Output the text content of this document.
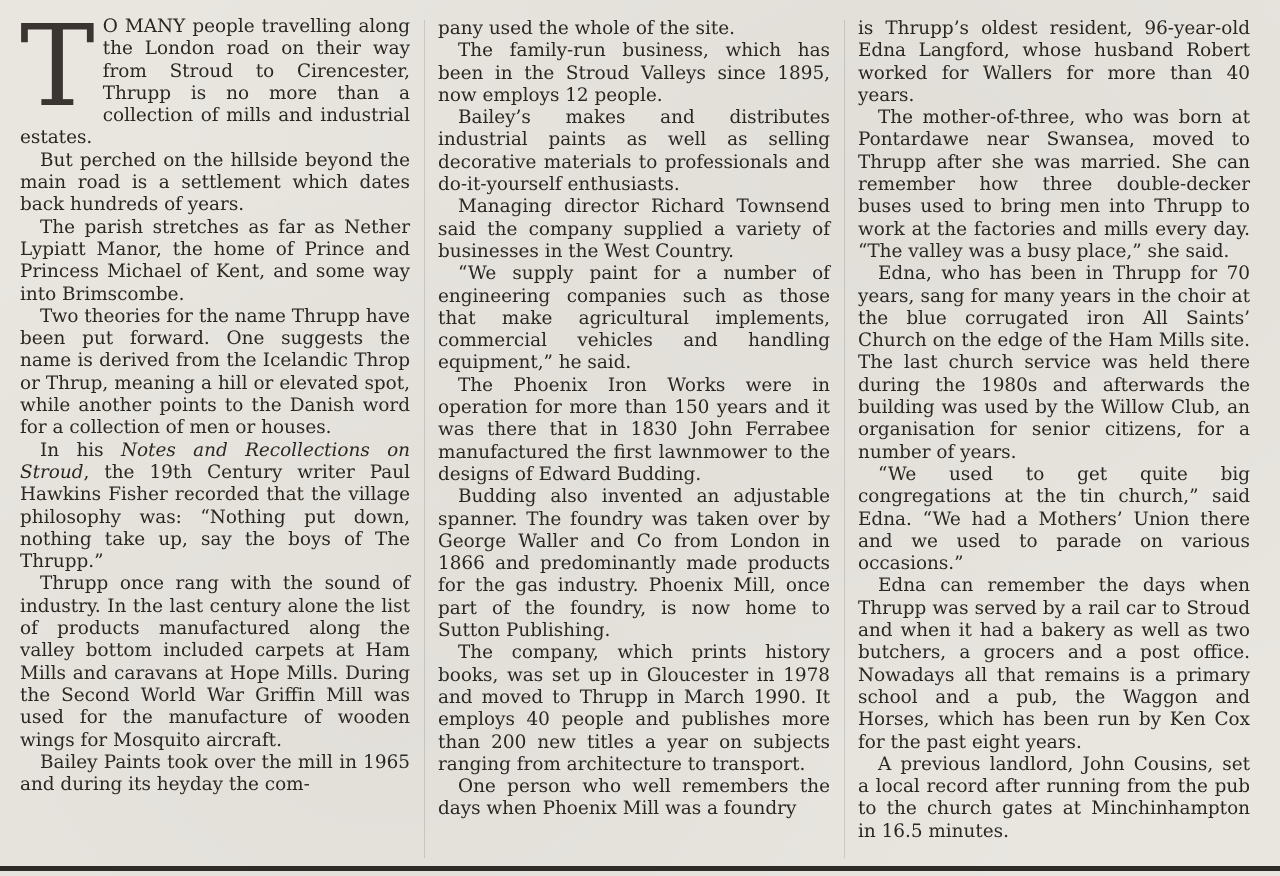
T O MANY people travelling along the London road on their way from Stroud to Cirencester, Thrupp is no more than a collection of mills and industrial estates.

But perched on the hillside beyond the main road is a settlement which dates back hundreds of years.

The parish stretches as far as Nether Lypiatt Manor, the home of Prince and Princess Michael of Kent, and some way into Brimscombe.

Two theories for the name Thrupp have been put forward. One suggests the name is derived from the Icelandic Throp or Thrup, meaning a hill or elevated spot, while another points to the Danish word for a collection of men or houses.

In his Notes and Recollections on Stroud, the 19th Century writer Paul Hawkins Fisher recorded that the village philosophy was: “Nothing put down, nothing take up, say the boys of The Thrupp.”

Thrupp once rang with the sound of industry. In the last century alone the list of products manufactured along the valley bottom included carpets at Ham Mills and caravans at Hope Mills. During the Second World War Griffin Mill was used for the manufacture of wooden wings for Mosquito aircraft.

Bailey Paints took over the mill in 1965 and during its heyday the com-

pany used the whole of the site.

The family-run business, which has been in the Stroud Valleys since 1895, now employs 12 people.

Bailey’s makes and distributes industrial paints as well as selling decorative materials to professionals and do-it-yourself enthusiasts.

Managing director Richard Townsend said the company supplied a variety of businesses in the West Country.

“We supply paint for a number of engineering companies such as those that make agricultural implements, commercial vehicles and handling equipment,” he said.

The Phoenix Iron Works were in operation for more than 150 years and it was there that in 1830 John Ferrabee manufactured the first lawnmower to the designs of Edward Budding.

Budding also invented an adjustable spanner. The foundry was taken over by George Waller and Co from London in 1866 and predominantly made products for the gas industry. Phoenix Mill, once part of the foundry, is now home to Sutton Publishing.

The company, which prints history books, was set up in Gloucester in 1978 and moved to Thrupp in March 1990. It employs 40 people and publishes more than 200 new titles a year on subjects ranging from architecture to transport.

One person who well remembers the days when Phoenix Mill was a foundry

is Thrupp’s oldest resident, 96-year-old Edna Langford, whose husband Robert worked for Wallers for more than 40 years.

The mother-of-three, who was born at Pontardawe near Swansea, moved to Thrupp after she was married. She can remember how three double-decker buses used to bring men into Thrupp to work at the factories and mills every day. “The valley was a busy place,” she said.

Edna, who has been in Thrupp for 70 years, sang for many years in the choir at the blue corrugated iron All Saints’ Church on the edge of the Ham Mills site. The last church service was held there during the 1980s and afterwards the building was used by the Willow Club, an organisation for senior citizens, for a number of years.

“We used to get quite big congregations at the tin church,” said Edna. “We had a Mothers’ Union there and we used to parade on various occasions.”

Edna can remember the days when Thrupp was served by a rail car to Stroud and when it had a bakery as well as two butchers, a grocers and a post office. Nowadays all that remains is a primary school and a pub, the Waggon and Horses, which has been run by Ken Cox for the past eight years.

A previous landlord, John Cousins, set a local record after running from the pub to the church gates at Minchinhampton in 16.5 minutes.
